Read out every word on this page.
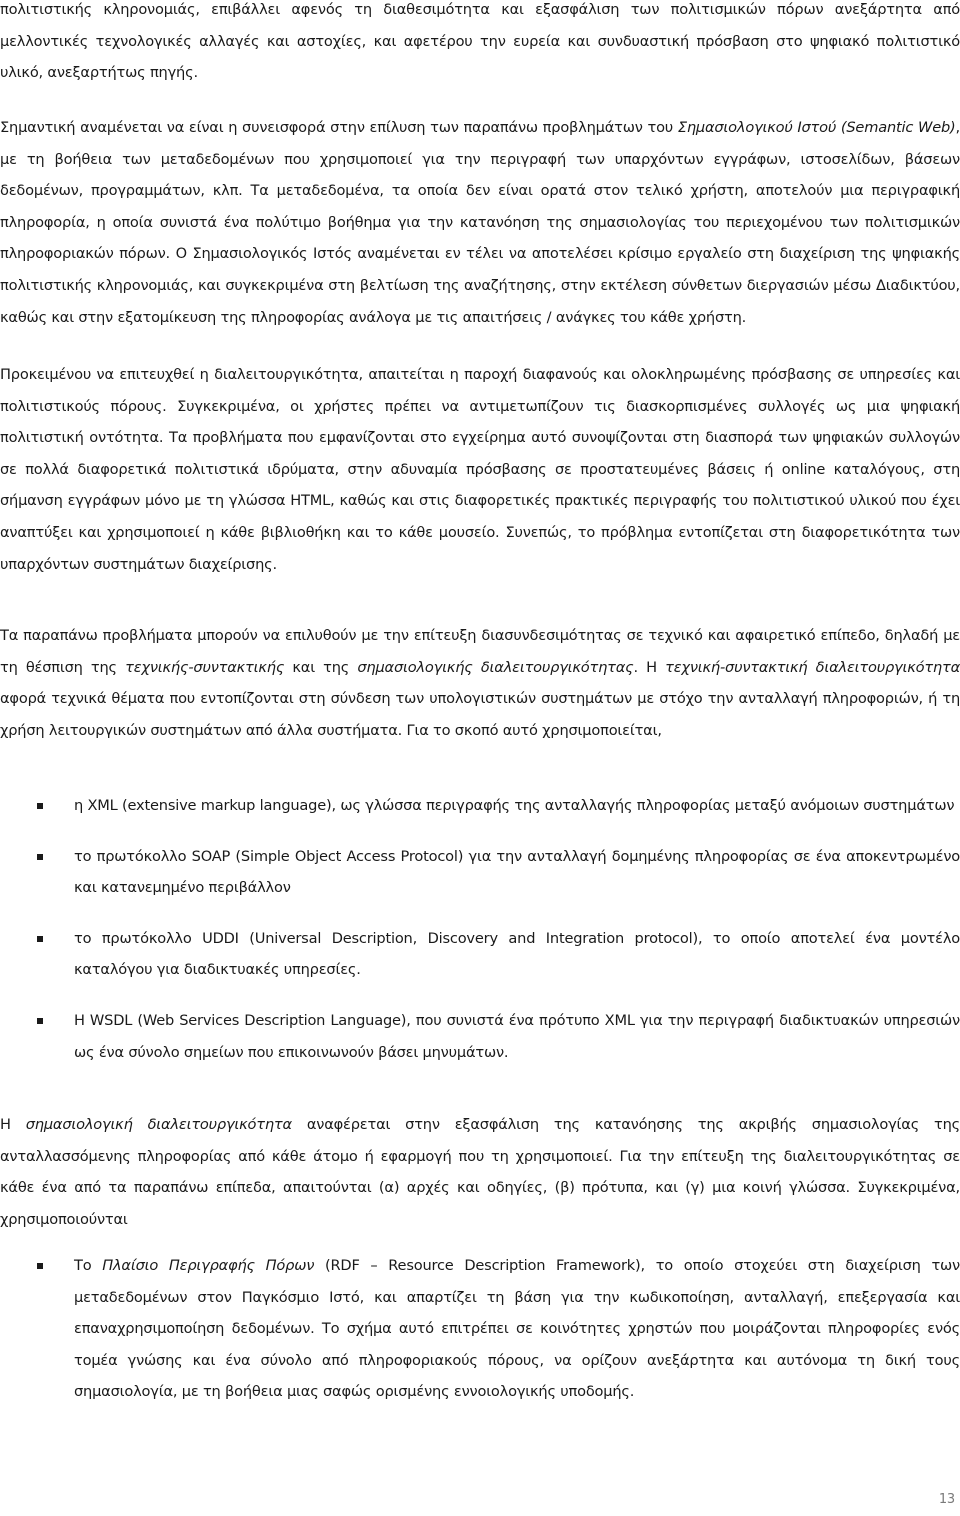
πολιτιστικής κληρονομιάς, επιβάλλει αφενός τη διαθεσιμότητα και εξασφάλιση των πολιτισμικών πόρων ανεξάρτητα από μελλοντικές τεχνολογικές αλλαγές και αστοχίες, και αφετέρου την ευρεία και συνδυαστική πρόσβαση στο ψηφιακό πολιτιστικό υλικό, ανεξαρτήτως πηγής.

Σημαντική αναμένεται να είναι η συνεισφορά στην επίλυση των παραπάνω προβλημάτων του Σημασιολογικού Ιστού (Semantic Web), με τη βοήθεια των μεταδεδομένων που χρησιμοποιεί για την περιγραφή των υπαρχόντων εγγράφων, ιστοσελίδων, βάσεων δεδομένων, προγραμμάτων, κλπ. Τα μεταδεδομένα, τα οποία δεν είναι ορατά στον τελικό χρήστη, αποτελούν μια περιγραφική πληροφορία, η οποία συνιστά ένα πολύτιμο βοήθημα για την κατανόηση της σημασιολογίας του περιεχομένου των πολιτισμικών πληροφοριακών πόρων. Ο Σημασιολογικός Ιστός αναμένεται εν τέλει να αποτελέσει κρίσιμο εργαλείο στη διαχείριση της ψηφιακής πολιτιστικής κληρονομιάς, και συγκεκριμένα στη βελτίωση της αναζήτησης, στην εκτέλεση σύνθετων διεργασιών μέσω Διαδικτύου, καθώς και στην εξατομίκευση της πληροφορίας ανάλογα με τις απαιτήσεις / ανάγκες του κάθε χρήστη.

Προκειμένου να επιτευχθεί η διαλειτουργικότητα, απαιτείται η παροχή διαφανούς και ολοκληρωμένης πρόσβασης σε υπηρεσίες και πολιτιστικούς πόρους. Συγκεκριμένα, οι χρήστες πρέπει να αντιμετωπίζουν τις διασκορπισμένες συλλογές ως μια ψηφιακή πολιτιστική οντότητα. Τα προβλήματα που εμφανίζονται στο εγχείρημα αυτό συνοψίζονται στη διασπορά των ψηφιακών συλλογών σε πολλά διαφορετικά πολιτιστικά ιδρύματα, στην αδυναμία πρόσβασης σε προστατευμένες βάσεις ή online καταλόγους, στη σήμανση εγγράφων μόνο με τη γλώσσα HTML, καθώς και στις διαφορετικές πρακτικές περιγραφής του πολιτιστικού υλικού που έχει αναπτύξει και χρησιμοποιεί η κάθε βιβλιοθήκη και το κάθε μουσείο. Συνεπώς, το πρόβλημα εντοπίζεται στη διαφορετικότητα των υπαρχόντων συστημάτων διαχείρισης.

Τα παραπάνω προβλήματα μπορούν να επιλυθούν με την επίτευξη διασυνδεσιμότητας σε τεχνικό και αφαιρετικό επίπεδο, δηλαδή με τη θέσπιση της τεχνικής-συντακτικής και της σημασιολογικής διαλειτουργικότητας. Η τεχνική-συντακτική διαλειτουργικότητα αφορά τεχνικά θέματα που εντοπίζονται στη σύνδεση των υπολογιστικών συστημάτων με στόχο την ανταλλαγή πληροφοριών, ή τη χρήση λειτουργικών συστημάτων από άλλα συστήματα. Για το σκοπό αυτό χρησιμοποιείται,

η XML (extensive markup language), ως γλώσσα περιγραφής της ανταλλαγής πληροφορίας μεταξύ ανόμοιων συστημάτων
το πρωτόκολλο SOAP (Simple Object Access Protocol) για την ανταλλαγή δομημένης πληροφορίας σε ένα αποκεντρωμένο και κατανεμημένο περιβάλλον
το πρωτόκολλο UDDI (Universal Description, Discovery and Integration protocol), το οποίο αποτελεί ένα μοντέλο καταλόγου για διαδικτυακές υπηρεσίες.
Η WSDL (Web Services Description Language), που συνιστά ένα πρότυπο XML για την περιγραφή διαδικτυακών υπηρεσιών ως ένα σύνολο σημείων που επικοινωνούν βάσει μηνυμάτων.

Η σημασιολογική διαλειτουργικότητα αναφέρεται στην εξασφάλιση της κατανόησης της ακριβής σημασιολογίας της ανταλλασσόμενης πληροφορίας από κάθε άτομο ή εφαρμογή που τη χρησιμοποιεί. Για την επίτευξη της διαλειτουργικότητας σε κάθε ένα από τα παραπάνω επίπεδα, απαιτούνται (α) αρχές και οδηγίες, (β) πρότυπα, και (γ) μια κοινή γλώσσα. Συγκεκριμένα, χρησιμοποιούνται

Το Πλαίσιο Περιγραφής Πόρων (RDF – Resource Description Framework), το οποίο στοχεύει στη διαχείριση των μεταδεδομένων στον Παγκόσμιο Ιστό, και απαρτίζει τη βάση για την κωδικοποίηση, ανταλλαγή, επεξεργασία και επαναχρησιμοποίηση δεδομένων. Το σχήμα αυτό επιτρέπει σε κοινότητες χρηστών που μοιράζονται πληροφορίες ενός τομέα γνώσης και ένα σύνολο από πληροφοριακούς πόρους, να ορίζουν ανεξάρτητα και αυτόνομα τη δική τους σημασιολογία, με τη βοήθεια μιας σαφώς ορισμένης εννοιολογικής υποδομής.
13
